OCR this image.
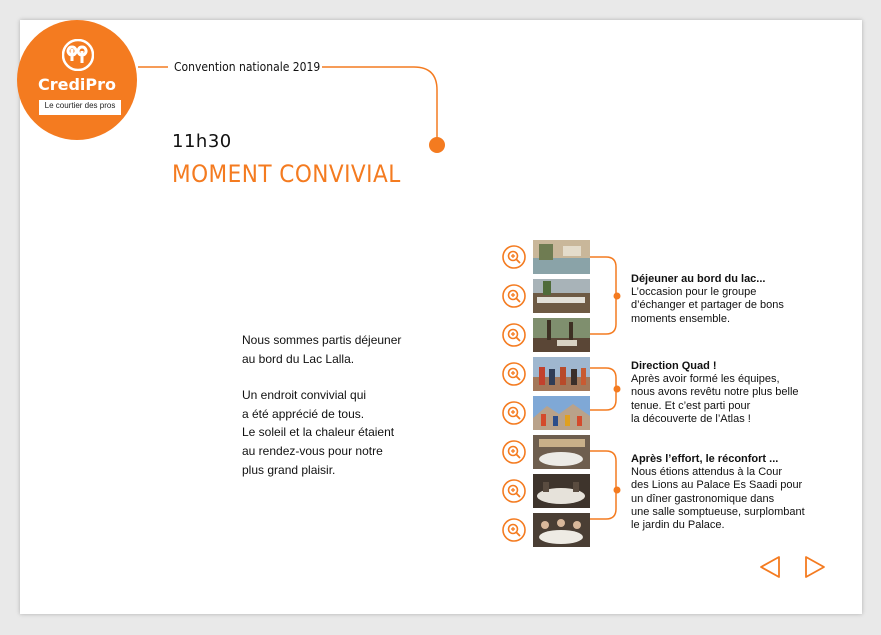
CrediPro
Le courtier des pros
Convention nationale 2019
11h30
MOMENT CONVIVIAL

Nous sommes partis déjeuner

au bord du Lac Lalla.

Un endroit convivial qui

a été apprécié de tous.

Le soleil et la chaleur étaient

au rendez-vous pour notre

plus grand plaisir.

Déjeuner au bord du lac...
L’occasion pour le groupe
d’échanger et partager de bons
moments ensemble.
Direction Quad !
Après avoir formé les équipes,
nous avons revêtu notre plus belle
tenue. Et c’est parti pour
la découverte de l’Atlas !
Après l’effort, le réconfort ...
Nous étions attendus à la Cour
des Lions au Palace Es Saadi pour
un dîner gastronomique dans
une salle somptueuse, surplombant
le jardin du Palace.
